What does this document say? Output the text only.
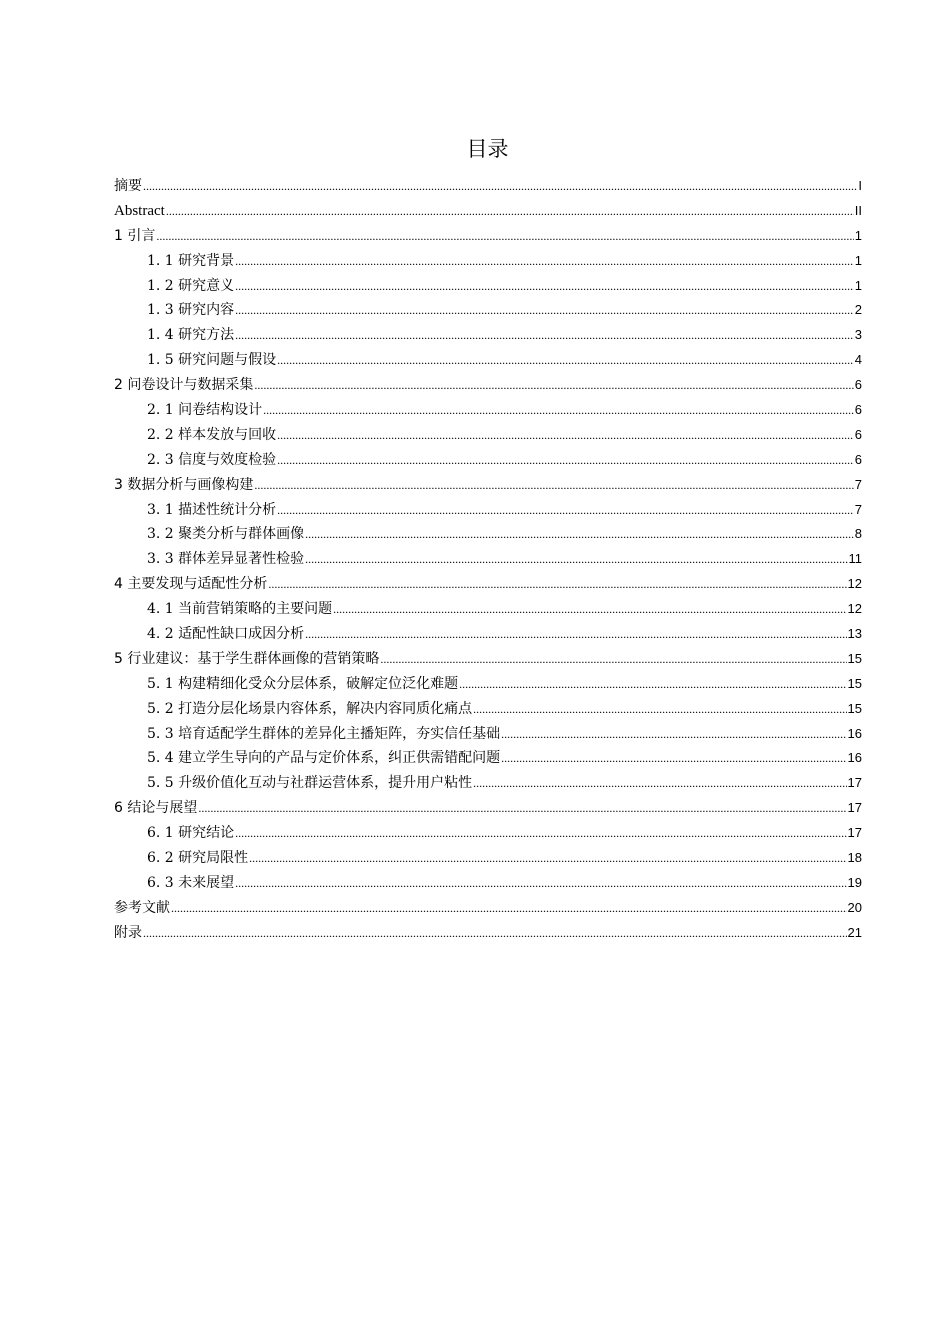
目录
摘要 .....	I
Abstract .....	II
1 引言 .....	1
1. 1 研究背景 .....	1
1. 2 研究意义 .....	1
1. 3 研究内容 .....	2
1. 4 研究方法 .....	3
1. 5 研究问题与假设 .....	4
2 问卷设计与数据采集 .....	6
2. 1 问卷结构设计 .....	6
2. 2 样本发放与回收 .....	6
2. 3 信度与效度检验 .....	6
3 数据分析与画像构建 .....	7
3. 1 描述性统计分析 .....	7
3. 2 聚类分析与群体画像 .....	8
3. 3 群体差异显著性检验 .....	11
4 主要发现与适配性分析 .....	12
4. 1 当前营销策略的主要问题 .....	12
4. 2 适配性缺口成因分析 .....	13
5 行业建议：基于学生群体画像的营销策略 .....	15
5. 1 构建精细化受众分层体系，破解定位泛化难题 .....	15
5. 2 打造分层化场景内容体系，解决内容同质化痛点 .....	15
5. 3 培育适配学生群体的差异化主播矩阵，夯实信任基础 .....	16
5. 4 建立学生导向的产品与定价体系，纠正供需错配问题 .....	16
5. 5 升级价值化互动与社群运营体系，提升用户粘性 .....	17
6 结论与展望 .....	17
6. 1 研究结论 .....	17
6. 2 研究局限性 .....	18
6. 3 未来展望 .....	19
参考文献 .....	20
附录 .....	21
